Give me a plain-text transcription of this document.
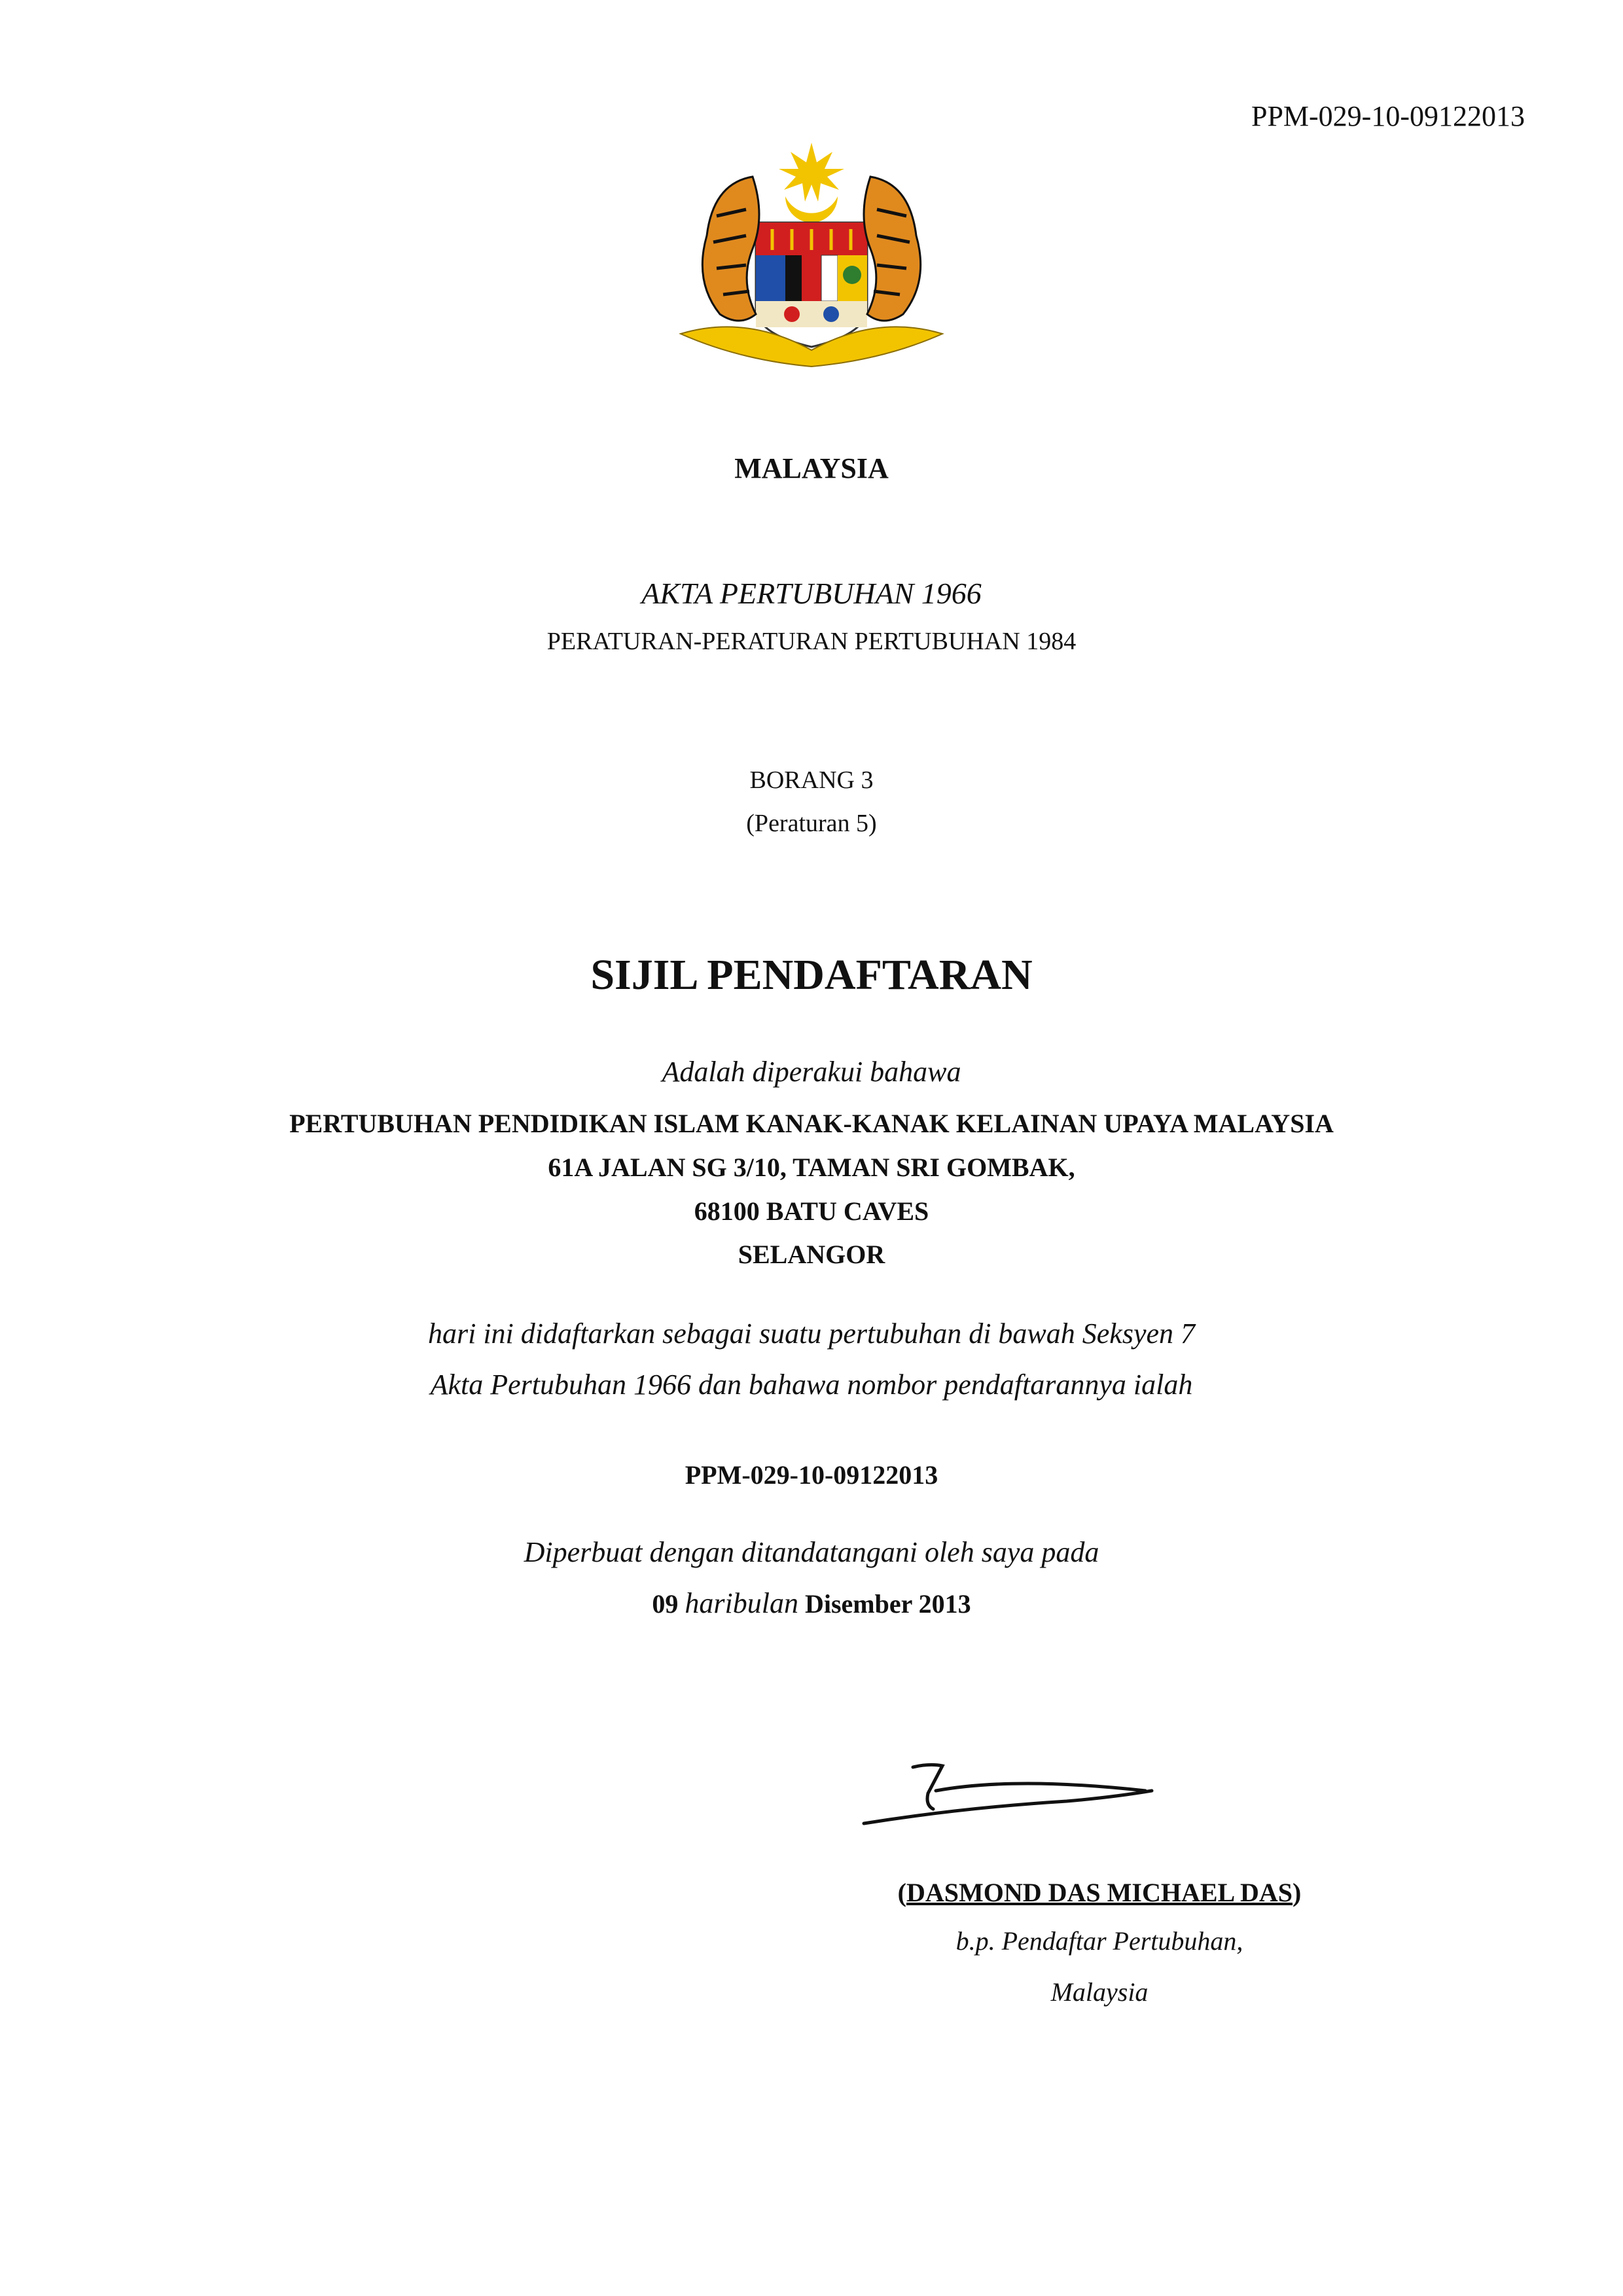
PPM-029-10-09122013
MALAYSIA
AKTA PERTUBUHAN 1966
PERATURAN-PERATURAN PERTUBUHAN 1984
BORANG 3
(Peraturan 5)
SIJIL PENDAFTARAN
Adalah diperakui bahawa
PERTUBUHAN PENDIDIKAN ISLAM KANAK-KANAK KELAINAN UPAYA MALAYSIA
61A JALAN SG 3/10, TAMAN SRI GOMBAK,
68100 BATU CAVES
SELANGOR
hari ini didaftarkan sebagai suatu pertubuhan di bawah Seksyen 7
Akta Pertubuhan 1966 dan bahawa nombor pendaftarannya ialah
PPM-029-10-09122013
Diperbuat dengan ditandatangani oleh saya pada
09 haribulan Disember 2013
(DASMOND DAS MICHAEL DAS)
b.p. Pendaftar Pertubuhan,
Malaysia
